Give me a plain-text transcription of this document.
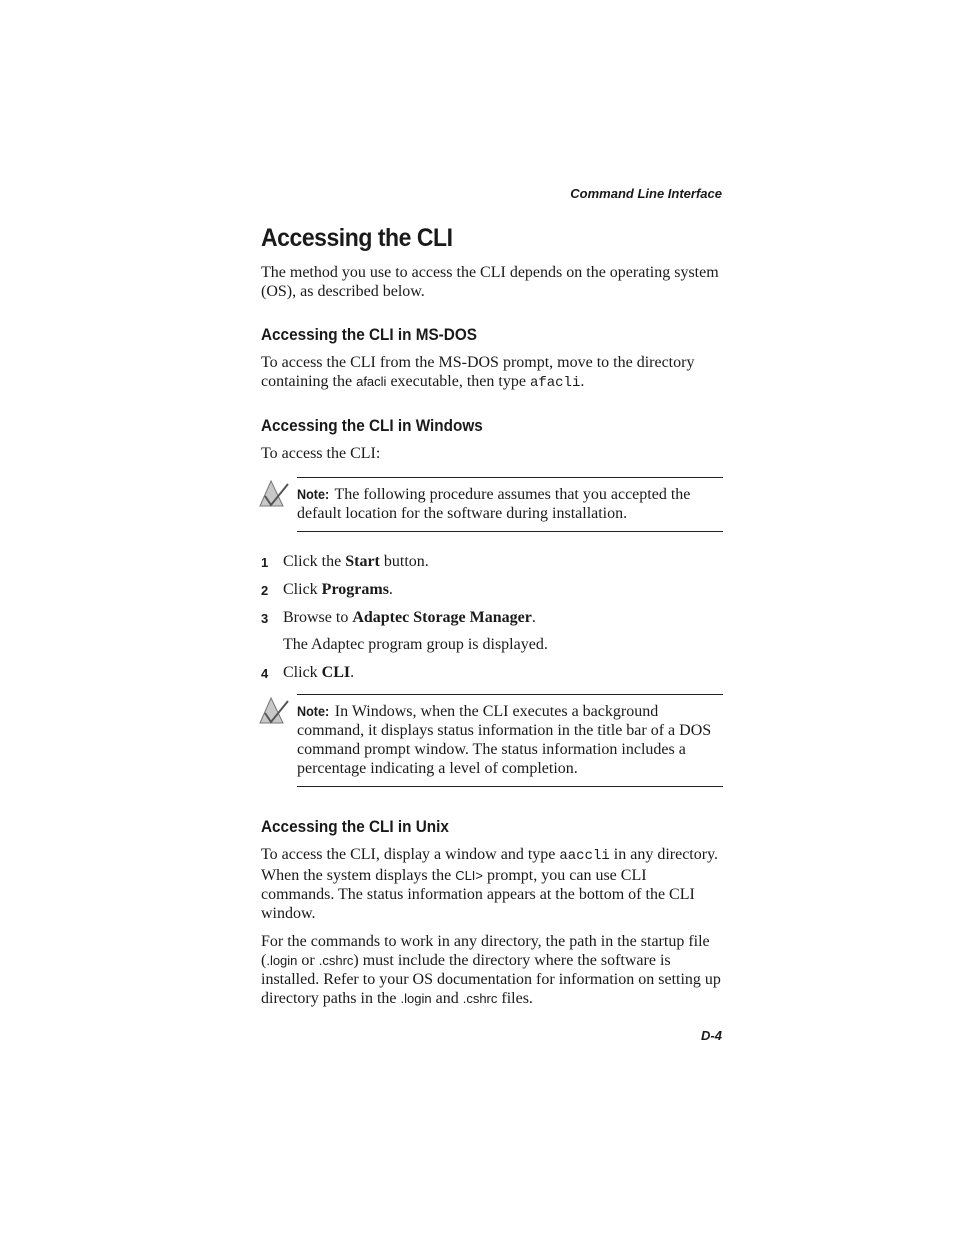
Command Line Interface
Accessing the CLI

The method you use to access the CLI depends on the operating system (OS), as described below.

Accessing the CLI in MS-DOS

To access the CLI from the MS-DOS prompt, move to the directory containing the afacli executable, then type afacli.

Accessing the CLI in Windows

To access the CLI:

Note: The following procedure assumes that you accepted the default location for the software during installation.

1 Click the Start button.
2 Click Programs.
3 Browse to Adaptec Storage Manager.

The Adaptec program group is displayed.

4 Click CLI.

Note: In Windows, when the CLI executes a background command, it displays status information in the title bar of a DOS command prompt window. The status information includes a percentage indicating a level of completion.

Accessing the CLI in Unix

To access the CLI, display a window and type aaccli in any directory. When the system displays the CLI> prompt, you can use CLI commands. The status information appears at the bottom of the CLI window.

For the commands to work in any directory, the path in the startup file (.login or .cshrc) must include the directory where the software is installed. Refer to your OS documentation for information on setting up directory paths in the .login and .cshrc files.

D-4
